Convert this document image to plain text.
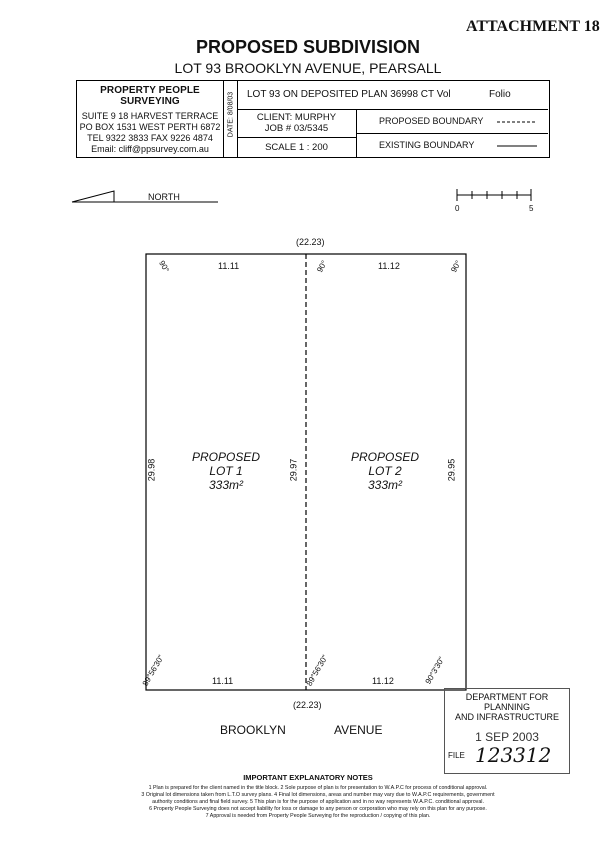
ATTACHMENT 18
PROPOSED SUBDIVISION
LOT 93 BROOKLYN AVENUE, PEARSALL
PROPERTY PEOPLE SURVEYING
SUITE 9 18 HARVEST TERRACE
PO BOX 1531 WEST PERTH 6872
TEL 9322 3833 FAX 9226 4874
Email: cliff@ppsurvey.com.au
DATE: 8/08/03 LOT 93 ON DEPOSITED PLAN 36998 CT Vol	Folio
CLIENT: MURPHY
JOB # 03/5345
SCALE 1 : 200
PROPOSED BOUNDARY
EXISTING BOUNDARY
NORTH
0	5
(22.23)
(22.23)
11.11	11.12
11.11	11.12
29.98	29.97	29.95
90°	90°	90°
89°56'30"	89°56'30"	90°3'30"
PROPOSED
LOT 1
333m²
PROPOSED
LOT 2
333m²
BROOKLYN	AVENUE
DEPARTMENT FOR PLANNING
AND INFRASTRUCTURE
1 SEP 2003
FILE 123312
IMPORTANT EXPLANATORY NOTES
1 Plan is prepared for the client named in the title block. 2 Sole purpose of plan is for presentation to W.A.P.C for process of conditional approval.
3 Original lot dimensions taken from L.T.O survey plans. 4 Final lot dimensions, areas and number may vary due to W.A.P.C requirements, government
authority conditions and final field survey. 5 This plan is for the purpose of application and in no way represents W.A.P.C. conditional approval.
6 Property People Surveying does not accept liability for loss or damage to any person or corporation who may rely on this plan for any purpose.
7 Approval is needed from Property People Surveying for the reproduction / copying of this plan.
